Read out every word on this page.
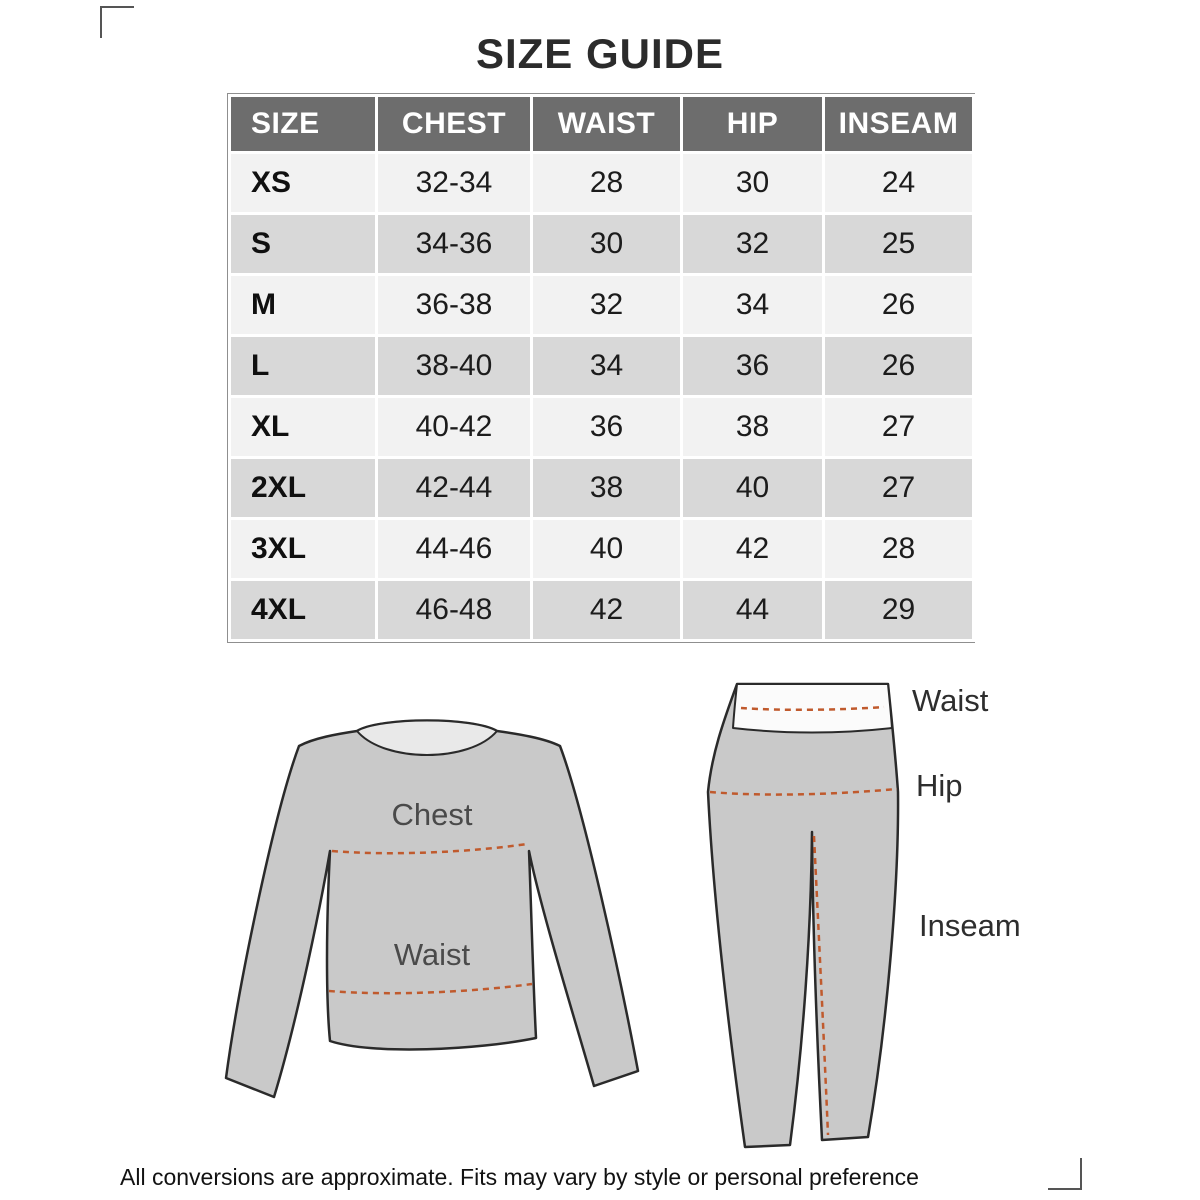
SIZE GUIDE
SIZE	CHEST	WAIST	HIP	INSEAM
XS	32-34	28	30	24
S	34-36	30	32	25
M	36-38	32	34	26
L	38-40	34	36	26
XL	40-42	36	38	27
2XL	42-44	38	40	27
3XL	44-46	40	42	28
4XL	46-48	42	44	29
Chest
Waist
Waist
Hip
Inseam
All conversions are approximate. Fits may vary by style or personal preference
